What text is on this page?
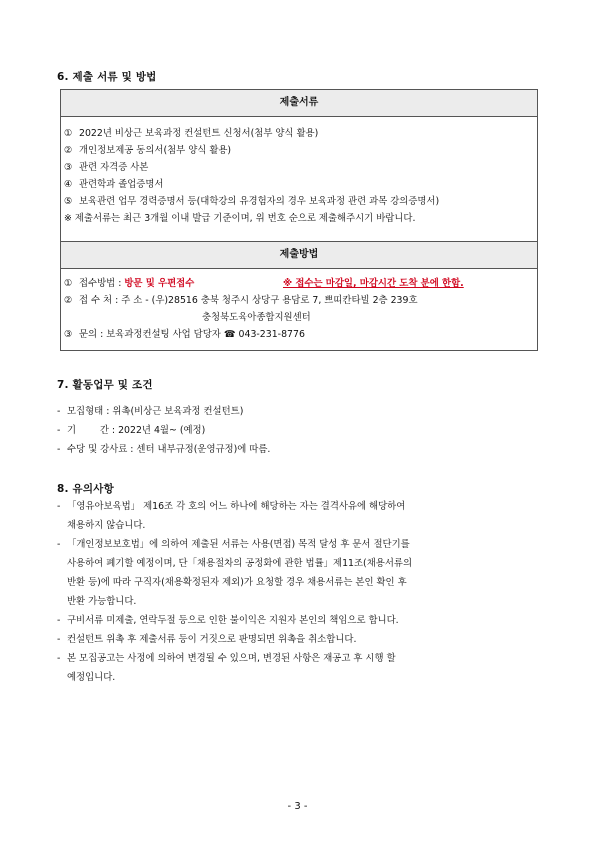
6. 제출 서류 및 방법
제출서류
① 2022년 비상근 보육과정 컨설턴트 신청서(첨부 양식 활용)
② 개인정보제공 동의서(첨부 양식 활용)
③ 관련 자격증 사본
④ 관련학과 졸업증명서
⑤ 보육관련 업무 경력증명서 등(대학강의 유경험자의 경우 보육과정 관련 과목 강의증명서)
※ 제출서류는 최근 3개월 이내 발급 기준이며, 위 번호 순으로 제출해주시기 바랍니다.
제출방법
① 접수방법 : 방문 및 우편접수	※ 접수는 마감일, 마감시간 도착 분에 한함.
② 접 수 처 : 주 소 - (우)28516 충북 청주시 상당구 용담로 7, 쁘띠칸타빌 2층 239호
충청북도육아종합지원센터
③ 문의 : 보육과정컨설팅 사업 담당자 ☎ 043-231-8776
7. 활동업무 및 조건
- 모집형태 : 위촉(비상근 보육과정 컨설턴트)
- 기        간 : 2022년 4월~ (예정)
- 수당 및 강사료 : 센터 내부규정(운영규정)에 따름.
8. 유의사항
- 「영유아보육법」 제16조 각 호의 어느 하나에 해당하는 자는 결격사유에 해당하여
채용하지 않습니다.
- 「개인정보보호법」에 의하여 제출된 서류는 사용(면접) 목적 달성 후 문서 절단기를
사용하여 폐기할 예정이며, 단「채용절차의 공정화에 관한 법률」제11조(채용서류의
반환 등)에 따라 구직자(채용확정된자 제외)가 요청할 경우 채용서류는 본인 확인 후
반환 가능합니다.
- 구비서류 미제출, 연락두절 등으로 인한 불이익은 지원자 본인의 책임으로 합니다.
- 컨설턴트 위촉 후 제출서류 등이 거짓으로 판명되면 위촉을 취소합니다.
- 본 모집공고는 사정에 의하여 변경될 수 있으며, 변경된 사항은 재공고 후 시행 할
예정입니다.
- 3 -
